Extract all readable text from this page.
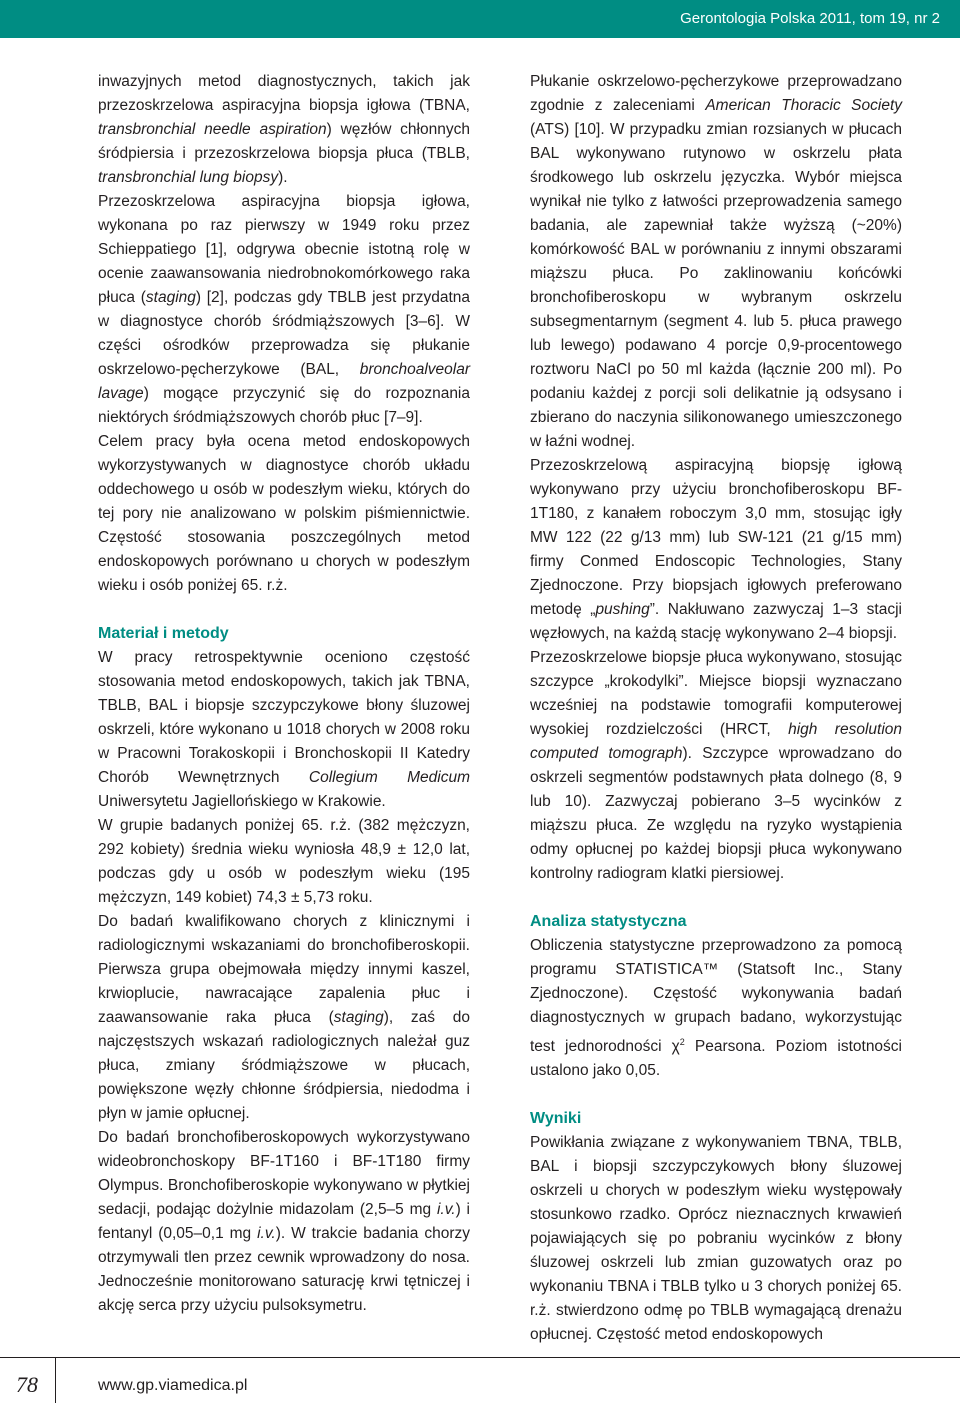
Gerontologia Polska 2011, tom 19, nr 2

inwazyjnych metod diagnostycznych, takich jak przezoskrzelowa aspiracyjna biopsja igłowa (TBNA, transbronchial needle aspiration) węzłów chłonnych śródpiersia i przezoskrzelowa biopsja płuca (TBLB, transbronchial lung biopsy).

Przezoskrzelowa aspiracyjna biopsja igłowa, wykonana po raz pierwszy w 1949 roku przez Schieppatiego [1], odgrywa obecnie istotną rolę w ocenie zaawansowania niedrobnokomórkowego raka płuca (staging) [2], podczas gdy TBLB jest przydatna w diagnostyce chorób śródmiąższowych [3–6]. W części ośrodków przeprowadza się płukanie oskrzelowo-pęcherzykowe (BAL, bronchoalveolar lavage) mogące przyczynić się do rozpoznania niektórych śródmiąższowych chorób płuc [7–9].

Celem pracy była ocena metod endoskopowych wykorzystywanych w diagnostyce chorób układu oddechowego u osób w podeszłym wieku, których do tej pory nie analizowano w polskim piśmiennictwie. Częstość stosowania poszczególnych metod endoskopowych porównano u chorych w podeszłym wieku i osób poniżej 65. r.ż.

Materiał i metody

W pracy retrospektywnie oceniono częstość stosowania metod endoskopowych, takich jak TBNA, TBLB, BAL i biopsje szczypczykowe błony śluzowej oskrzeli, które wykonano u 1018 chorych w 2008 roku w Pracowni Torakoskopii i Bronchoskopii II Katedry Chorób Wewnętrznych Collegium Medicum Uniwersytetu Jagiellońskiego w Krakowie.

W grupie badanych poniżej 65. r.ż. (382 mężczyzn, 292 kobiety) średnia wieku wyniosła 48,9 ± 12,0 lat, podczas gdy u osób w podeszłym wieku (195 mężczyzn, 149 kobiet) 74,3 ± 5,73 roku.

Do badań kwalifikowano chorych z klinicznymi i radiologicznymi wskazaniami do bronchofiberoskopii. Pierwsza grupa obejmowała między innymi kaszel, krwioplucie, nawracające zapalenia płuc i zaawansowanie raka płuca (staging), zaś do najczęstszych wskazań radiologicznych należał guz płuca, zmiany śródmiąższowe w płucach, powiększone węzły chłonne śródpiersia, niedodma i płyn w jamie opłucnej.

Do badań bronchofiberoskopowych wykorzystywano wideobronchoskopy BF-1T160 i BF-1T180 firmy Olympus. Bronchofiberoskopie wykonywano w płytkiej sedacji, podając dożylnie midazolam (2,5–5 mg i.v.) i fentanyl (0,05–0,1 mg i.v.). W trakcie badania chorzy otrzymywali tlen przez cewnik wprowadzony do nosa. Jednocześnie monitorowano saturację krwi tętniczej i akcję serca przy użyciu pulsoksymetru.

Płukanie oskrzelowo-pęcherzykowe przeprowadzano zgodnie z zaleceniami American Thoracic Society (ATS) [10]. W przypadku zmian rozsianych w płucach BAL wykonywano rutynowo w oskrzelu płata środkowego lub oskrzelu języczka. Wybór miejsca wynikał nie tylko z łatwości przeprowadzenia samego badania, ale zapewniał także wyższą (~20%) komórkowość BAL w porównaniu z innymi obszarami miąższu płuca. Po zaklinowaniu końcówki bronchofiberoskopu w wybranym oskrzelu subsegmentarnym (segment 4. lub 5. płuca prawego lub lewego) podawano 4 porcje 0,9-procentowego roztworu NaCl po 50 ml każda (łącznie 200 ml). Po podaniu każdej z porcji soli delikatnie ją odsysano i zbierano do naczynia silikonowanego umieszczonego w łaźni wodnej.

Przezoskrzelową aspiracyjną biopsję igłową wykonywano przy użyciu bronchofiberoskopu BF-1T180, z kanałem roboczym 3,0 mm, stosując igły MW 122 (22 g/13 mm) lub SW-121 (21 g/15 mm) firmy Conmed Endoscopic Technologies, Stany Zjednoczone. Przy biopsjach igłowych preferowano metodę „pushing”. Nakłuwano zazwyczaj 1–3 stacji węzłowych, na każdą stację wykonywano 2–4 biopsji.

Przezoskrzelowe biopsje płuca wykonywano, stosując szczypce „krokodylki”. Miejsce biopsji wyznaczano wcześniej na podstawie tomografii komputerowej wysokiej rozdzielczości (HRCT, high resolution computed tomograph). Szczypce wprowadzano do oskrzeli segmentów podstawnych płata dolnego (8, 9 lub 10). Zazwyczaj pobierano 3–5 wycinków z miąższu płuca. Ze względu na ryzyko wystąpienia odmy opłucnej po każdej biopsji płuca wykonywano kontrolny radiogram klatki piersiowej.

Analiza statystyczna

Obliczenia statystyczne przeprowadzono za pomocą programu STATISTICA™ (Statsoft Inc., Stany Zjednoczone). Częstość wykonywania badań diagnostycznych w grupach badano, wykorzystując test jednorodności $\chi^2$ Pearsona. Poziom istotności ustalono jako 0,05.

Wyniki

Powikłania związane z wykonywaniem TBNA, TBLB, BAL i biopsji szczypczykowych błony śluzowej oskrzeli u chorych w podeszłym wieku występowały stosunkowo rzadko. Oprócz nieznacznych krwawień pojawiających się po pobraniu wycinków z błony śluzowej oskrzeli lub zmian guzowatych oraz po wykonaniu TBNA i TBLB tylko u 3 chorych poniżej 65. r.ż. stwierdzono odmę po TBLB wymagającą drenażu opłucnej. Częstość metod endoskopowych

78	www.gp.viamedica.pl
